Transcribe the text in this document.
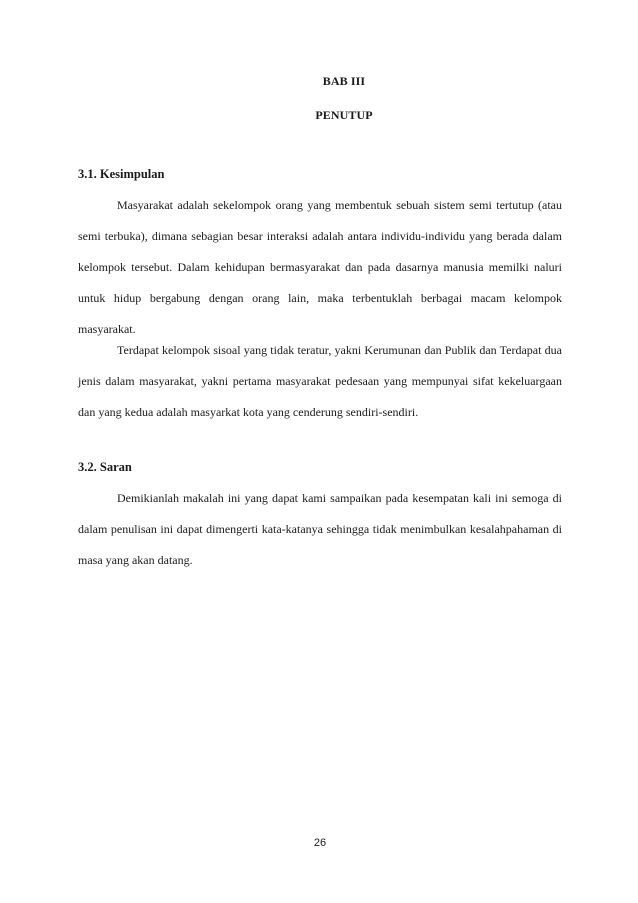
BAB III
PENUTUP
3.1. Kesimpulan

Masyarakat adalah sekelompok orang yang membentuk sebuah sistem semi tertutup (atau semi terbuka), dimana sebagian besar interaksi adalah antara individu-individu yang berada dalam kelompok tersebut. Dalam kehidupan bermasyarakat dan pada dasarnya manusia memilki naluri untuk hidup bergabung dengan orang lain, maka terbentuklah berbagai macam kelompok masyarakat.

Terdapat kelompok sisoal yang tidak teratur, yakni Kerumunan dan Publik dan Terdapat dua jenis dalam masyarakat, yakni pertama masyarakat pedesaan yang mempunyai sifat kekeluargaan dan yang kedua adalah masyarkat kota yang cenderung sendiri-sendiri.

3.2. Saran

Demikianlah makalah ini yang dapat kami sampaikan pada kesempatan kali ini semoga di dalam penulisan ini dapat dimengerti kata-katanya sehingga tidak menimbulkan kesalahpahaman di masa yang akan datang.

26
